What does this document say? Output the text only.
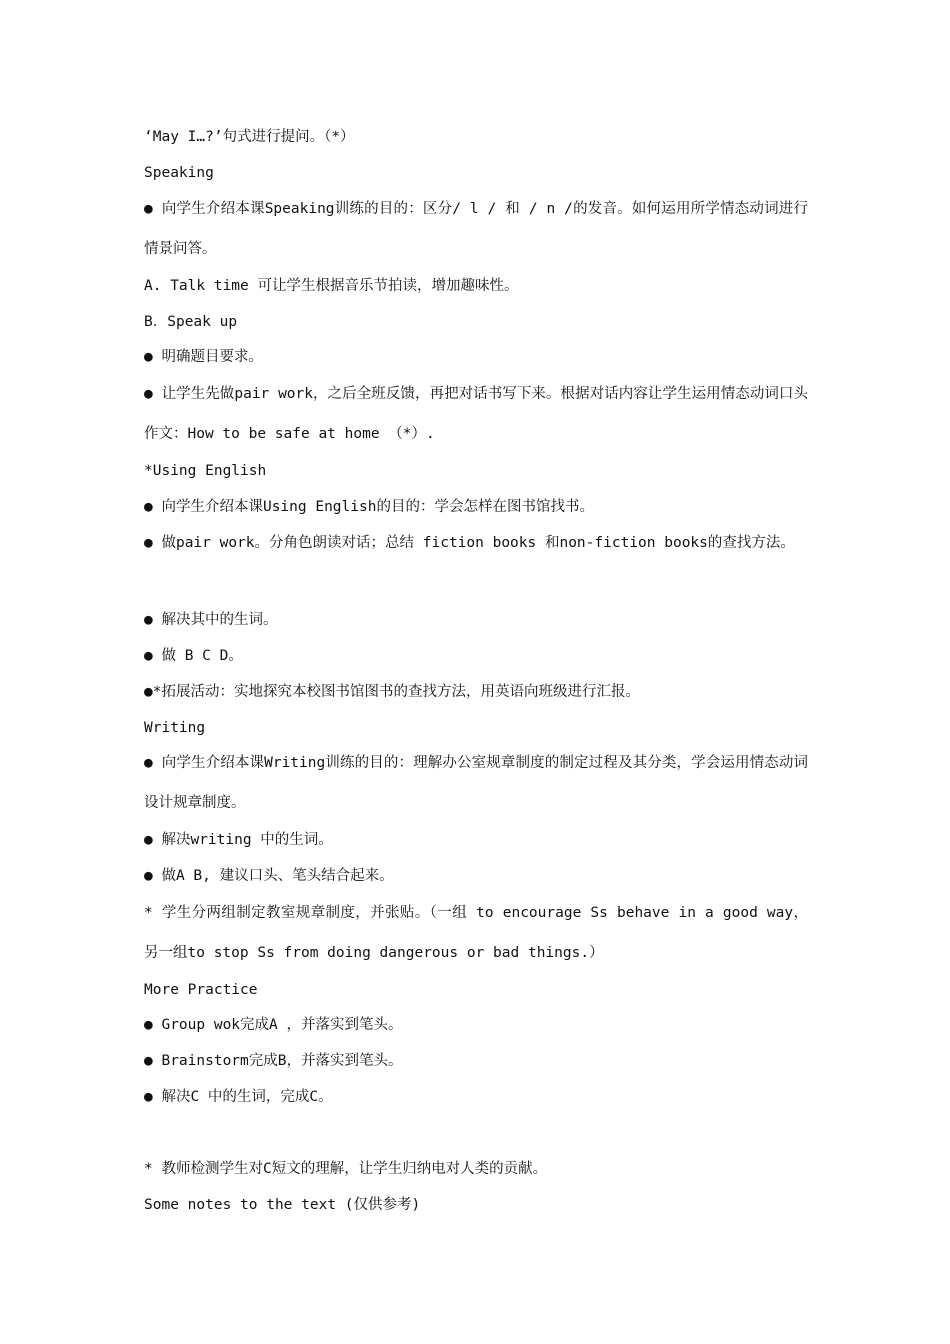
‘May I…?’句式进行提问。（*）
Speaking
● 向学生介绍本课Speaking训练的目的：区分/ l / 和 / n /的发音。如何运用所学情态动词进行情景问答。
A. Talk time 可让学生根据音乐节拍读，增加趣味性。
B．Speak up
● 明确题目要求。
● 让学生先做pair work，之后全班反馈，再把对话书写下来。根据对话内容让学生运用情态动词口头作文：How to be safe at home （*）.
*Using English
● 向学生介绍本课Using English的目的：学会怎样在图书馆找书。
● 做pair work。分角色朗读对话；总结 fiction books 和non-fiction books的查找方法。
● 解决其中的生词。
● 做 B C D。
●*拓展活动：实地探究本校图书馆图书的查找方法，用英语向班级进行汇报。
Writing
● 向学生介绍本课Writing训练的目的：理解办公室规章制度的制定过程及其分类，学会运用情态动词设计规章制度。
● 解决writing 中的生词。
● 做A B, 建议口头、笔头结合起来。
* 学生分两组制定教室规章制度，并张贴。（一组 to encourage Ss behave in a good way，另一组to stop Ss from doing dangerous or bad things.）
More Practice
● Group wok完成A ，并落实到笔头。
● Brainstorm完成B，并落实到笔头。
● 解决C 中的生词，完成C。
* 教师检测学生对C短文的理解，让学生归纳电对人类的贡献。
Some notes to the text (仅供参考)
